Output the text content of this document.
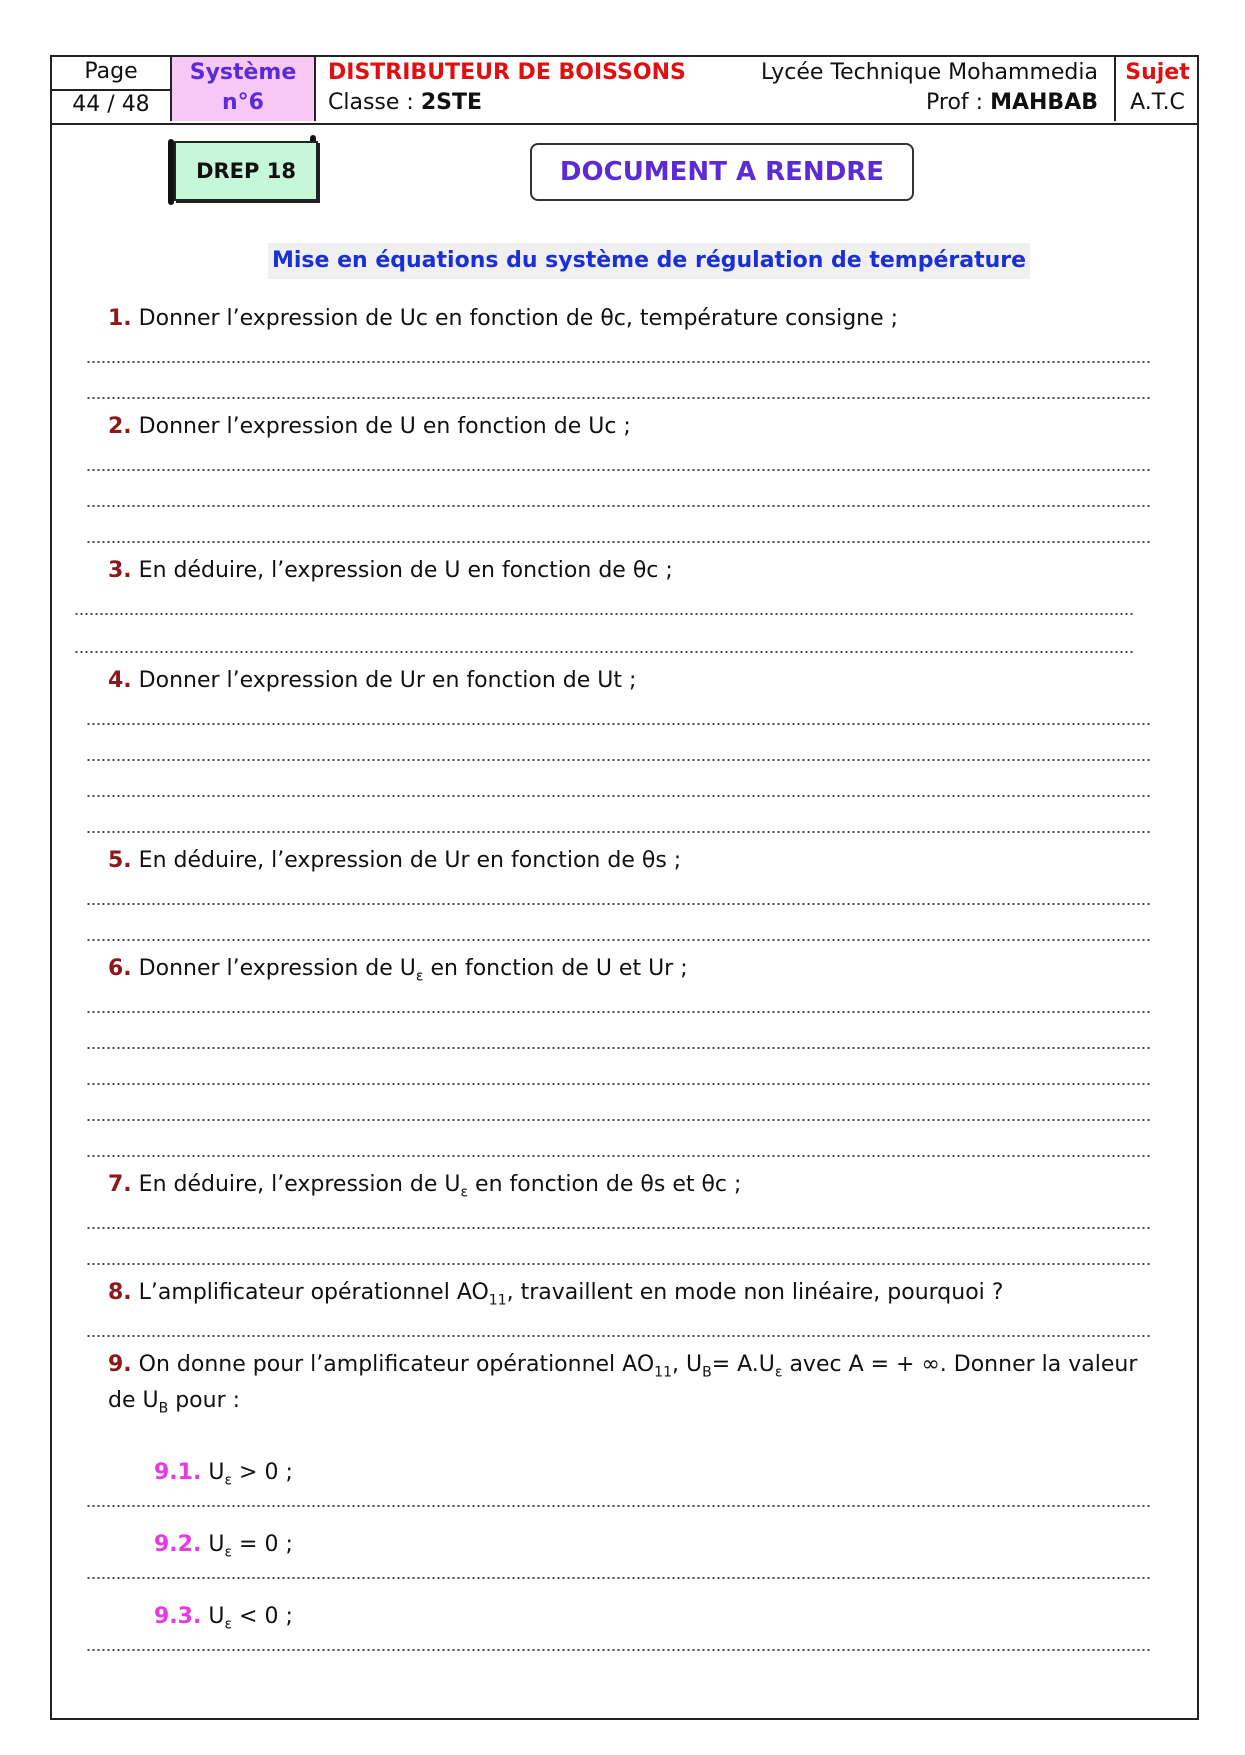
Page
44 / 48
Système
n°6
DISTRIBUTEUR DE BOISSONS	Lycée Technique Mohammedia
Classe : 2STE	Prof : MAHBAB
Sujet
A.T.C
DREP 18	DOCUMENT A RENDRE
Mise en équations du système de régulation de température
1. Donner l’expression de Uc en fonction de θc, température consigne ;
2. Donner l’expression de U en fonction de Uc ;
3. En déduire, l’expression de U en fonction de θc ;
4. Donner l’expression de Ur en fonction de Ut ;
5. En déduire, l’expression de Ur en fonction de θs ;
6. Donner l’expression de $U_\varepsilon$ en fonction de U et Ur ;
7. En déduire, l’expression de $U_\varepsilon$ en fonction de θs et θc ;
8. L’amplificateur opérationnel $AO_{11}$, travaillent en mode non linéaire, pourquoi ?
9. On donne pour l’amplificateur opérationnel $AO_{11}$, $U_B= A.U_\varepsilon$ avec A = + ∞. Donner la valeur
de $U_B$ pour :
9.1. $U_\varepsilon > 0$ ;
9.2. $U_\varepsilon = 0$ ;
9.3. $U_\varepsilon < 0$ ;
